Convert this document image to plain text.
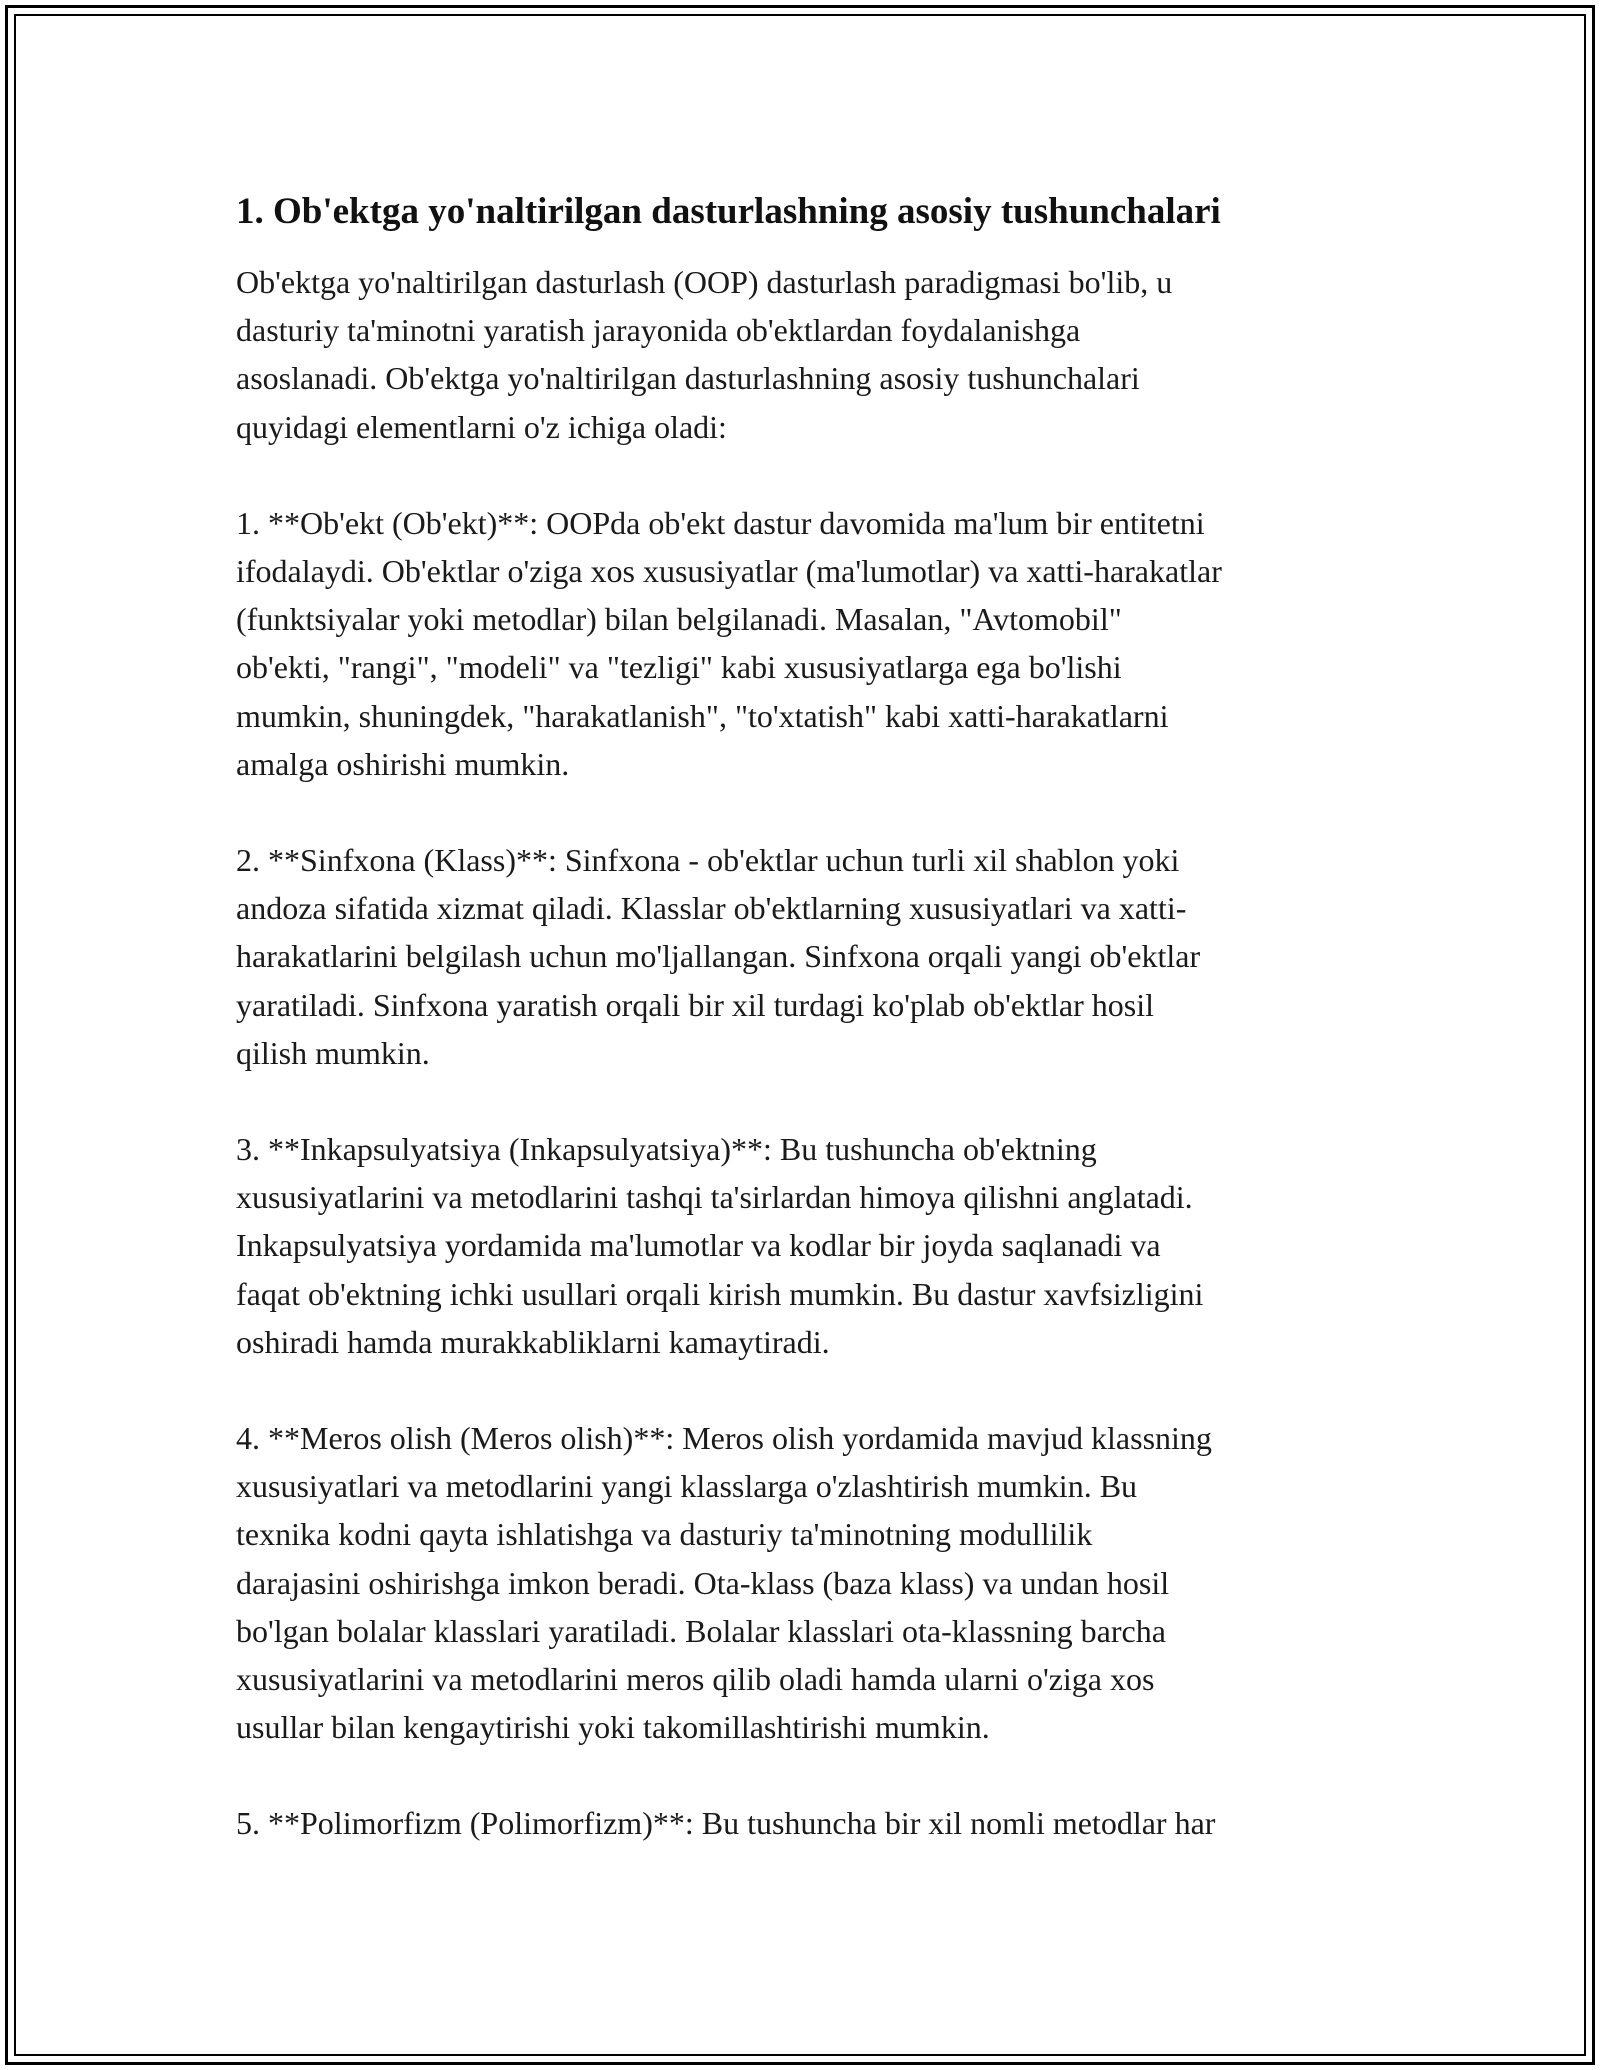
1. Ob'ektga yo'naltirilgan dasturlashning asosiy tushunchalari

Ob'ektga yo'naltirilgan dasturlash (OOP) dasturlash paradigmasi bo'lib, u
dasturiy ta'minotni yaratish jarayonida ob'ektlardan foydalanishga
asoslanadi. Ob'ektga yo'naltirilgan dasturlashning asosiy tushunchalari
quyidagi elementlarni o'z ichiga oladi:

1. **Ob'ekt (Ob'ekt)**: OOPda ob'ekt dastur davomida ma'lum bir entitetni
ifodalaydi. Ob'ektlar o'ziga xos xususiyatlar (ma'lumotlar) va xatti-harakatlar
(funktsiyalar yoki metodlar) bilan belgilanadi. Masalan, "Avtomobil"
ob'ekti, "rangi", "modeli" va "tezligi" kabi xususiyatlarga ega bo'lishi
mumkin, shuningdek, "harakatlanish", "to'xtatish" kabi xatti-harakatlarni
amalga oshirishi mumkin.

2. **Sinfxona (Klass)**: Sinfxona - ob'ektlar uchun turli xil shablon yoki
andoza sifatida xizmat qiladi. Klasslar ob'ektlarning xususiyatlari va xatti-
harakatlarini belgilash uchun mo'ljallangan. Sinfxona orqali yangi ob'ektlar
yaratiladi. Sinfxona yaratish orqali bir xil turdagi ko'plab ob'ektlar hosil
qilish mumkin.

3. **Inkapsulyatsiya (Inkapsulyatsiya)**: Bu tushuncha ob'ektning
xususiyatlarini va metodlarini tashqi ta'sirlardan himoya qilishni anglatadi.
Inkapsulyatsiya yordamida ma'lumotlar va kodlar bir joyda saqlanadi va
faqat ob'ektning ichki usullari orqali kirish mumkin. Bu dastur xavfsizligini
oshiradi hamda murakkabliklarni kamaytiradi.

4. **Meros olish (Meros olish)**: Meros olish yordamida mavjud klassning
xususiyatlari va metodlarini yangi klasslarga o'zlashtirish mumkin. Bu
texnika kodni qayta ishlatishga va dasturiy ta'minotning modullilik
darajasini oshirishga imkon beradi. Ota-klass (baza klass) va undan hosil
bo'lgan bolalar klasslari yaratiladi. Bolalar klasslari ota-klassning barcha
xususiyatlarini va metodlarini meros qilib oladi hamda ularni o'ziga xos
usullar bilan kengaytirishi yoki takomillashtirishi mumkin.

5. **Polimorfizm (Polimorfizm)**: Bu tushuncha bir xil nomli metodlar har
